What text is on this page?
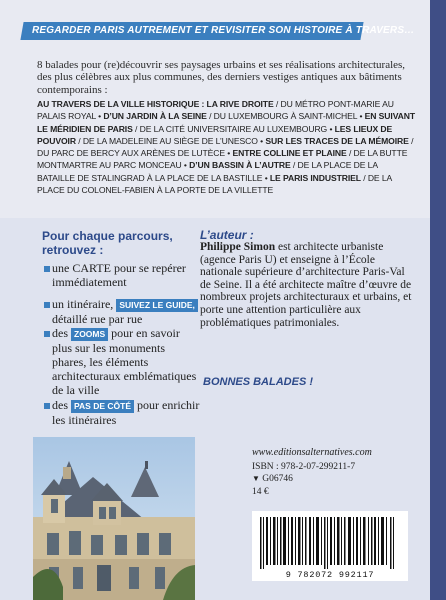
REGARDER PARIS AUTREMENT ET REVISITER SON HISTOIRE À TRAVERS…

8 balades pour (re)découvrir ses paysages urbains et ses réalisations architecturales, des plus célèbres aux plus communes, des derniers vestiges antiques aux bâtiments contemporains :

AU TRAVERS DE LA VILLE HISTORIQUE : LA RIVE DROITE / DU MÉTRO PONT-MARIE AU PALAIS ROYAL • D’UN JARDIN À LA SEINE / DU LUXEMBOURG À SAINT-MICHEL • EN SUIVANT LE MÉRIDIEN DE PARIS / DE LA CITÉ UNIVERSITAIRE AU LUXEMBOURG • LES LIEUX DE POUVOIR / DE LA MADELEINE AU SIÈGE DE L’UNESCO • SUR LES TRACES DE LA MÉMOIRE / DU PARC DE BERCY AUX ARÈNES DE LUTÈCE • ENTRE COLLINE ET PLAINE / DE LA BUTTE MONTMARTRE AU PARC MONCEAU • D’UN BASSIN À L’AUTRE / DE LA PLACE DE LA BATAILLE DE STALINGRAD À LA PLACE DE LA BASTILLE • LE PARIS INDUSTRIEL / DE LA PLACE DU COLONEL-FABIEN À LA PORTE DE LA VILLETTE
Pour chaque parcours, retrouvez :
une CARTE pour se repérer immédiatement
un itinéraire, SUIVEZ LE GUIDE, détaillé rue par rue
des ZOOMS pour en savoir plus sur les monuments phares, les éléments architecturaux emblématiques de la ville
des PAS DE CÔTÉ pour enrichir les itinéraires
L’auteur :

Philippe Simon est architecte urbaniste (agence Paris U) et enseigne à l’École nationale supérieure d’architecture Paris-Val de Seine. Il a été architecte maître d’œuvre de nombreux projets architecturaux et urbains, et porte une attention particulière aux problématiques patrimoniales.

BONNES BALADES !
www.editionsalternatives.com
ISBN : 978-2-07-299211-7
▼ G06746
14 €
9 782072 992117
